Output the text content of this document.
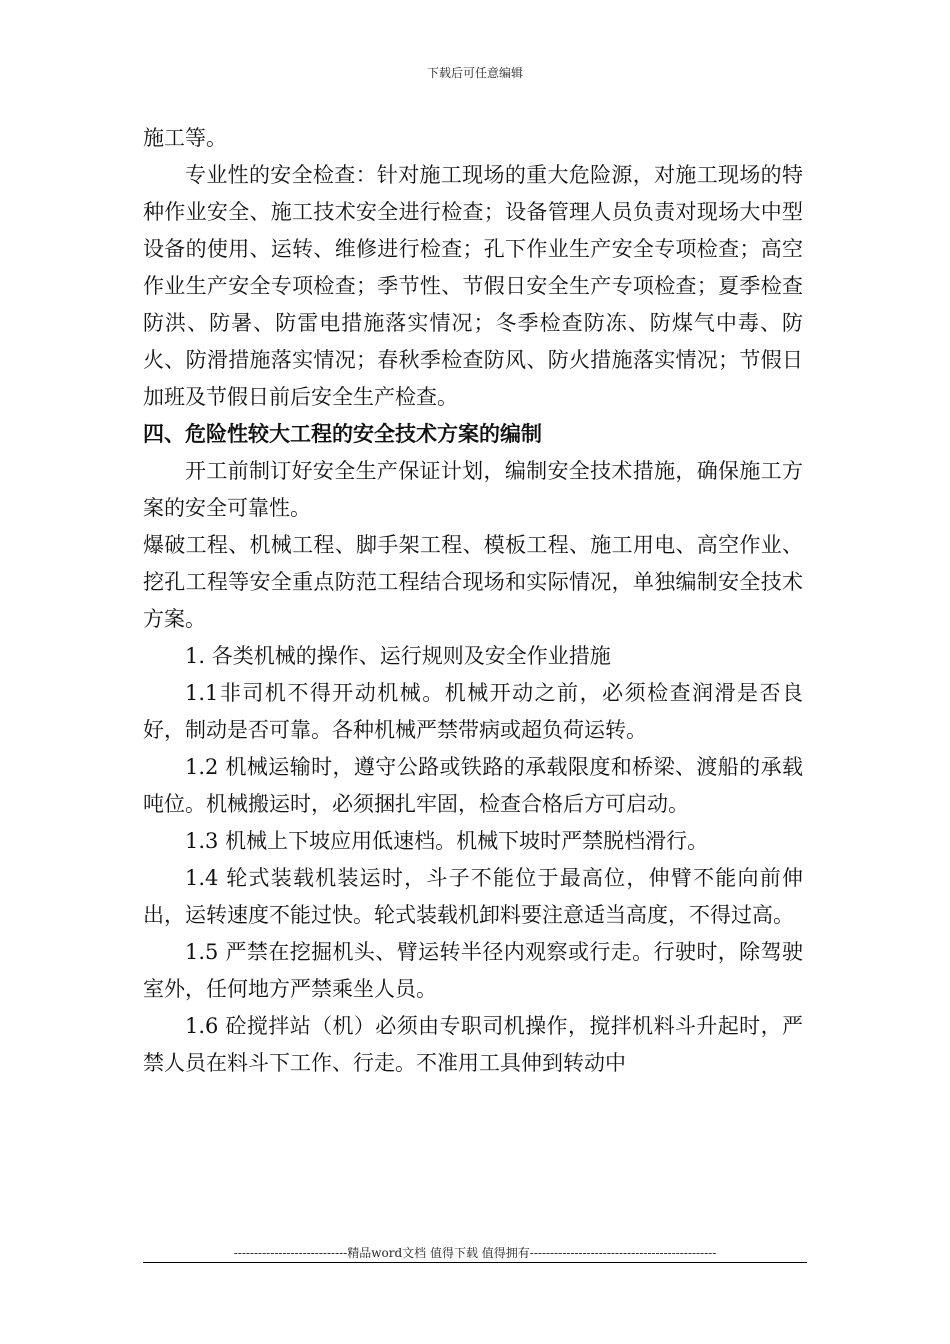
下载后可任意编辑

施工等。

专业性的安全检查：针对施工现场的重大危险源，对施工现场的特种作业安全、施工技术安全进行检查；设备管理人员负责对现场大中型设备的使用、运转、维修进行检查；孔下作业生产安全专项检查；高空作业生产安全专项检查；季节性、节假日安全生产专项检查；夏季检查防洪、防暑、防雷电措施落实情况；冬季检查防冻、防煤气中毒、防火、防滑措施落实情况；春秋季检查防风、防火措施落实情况；节假日加班及节假日前后安全生产检查。

四、危险性较大工程的安全技术方案的编制

开工前制订好安全生产保证计划，编制安全技术措施，确保施工方案的安全可靠性。

爆破工程、机械工程、脚手架工程、模板工程、施工用电、高空作业、挖孔工程等安全重点防范工程结合现场和实际情况，单独编制安全技术方案。

1. 各类机械的操作、运行规则及安全作业措施

1.1非司机不得开动机械。机械开动之前，必须检查润滑是否良好，制动是否可靠。各种机械严禁带病或超负荷运转。

1.2 机械运输时，遵守公路或铁路的承载限度和桥梁、渡船的承载吨位。机械搬运时，必须捆扎牢固，检查合格后方可启动。

1.3 机械上下坡应用低速档。机械下坡时严禁脱档滑行。

1.4 轮式装载机装运时，斗子不能位于最高位，伸臂不能向前伸出，运转速度不能过快。轮式装载机卸料要注意适当高度，不得过高。

1.5 严禁在挖掘机头、臂运转半径内观察或行走。行驶时，除驾驶室外，任何地方严禁乘坐人员。

1.6 砼搅拌站（机）必须由专职司机操作，搅拌机料斗升起时，严禁人员在料斗下工作、行走。不准用工具伸到转动中

----------------------------精品word文档 值得下载 值得拥有----------------------------------------------
